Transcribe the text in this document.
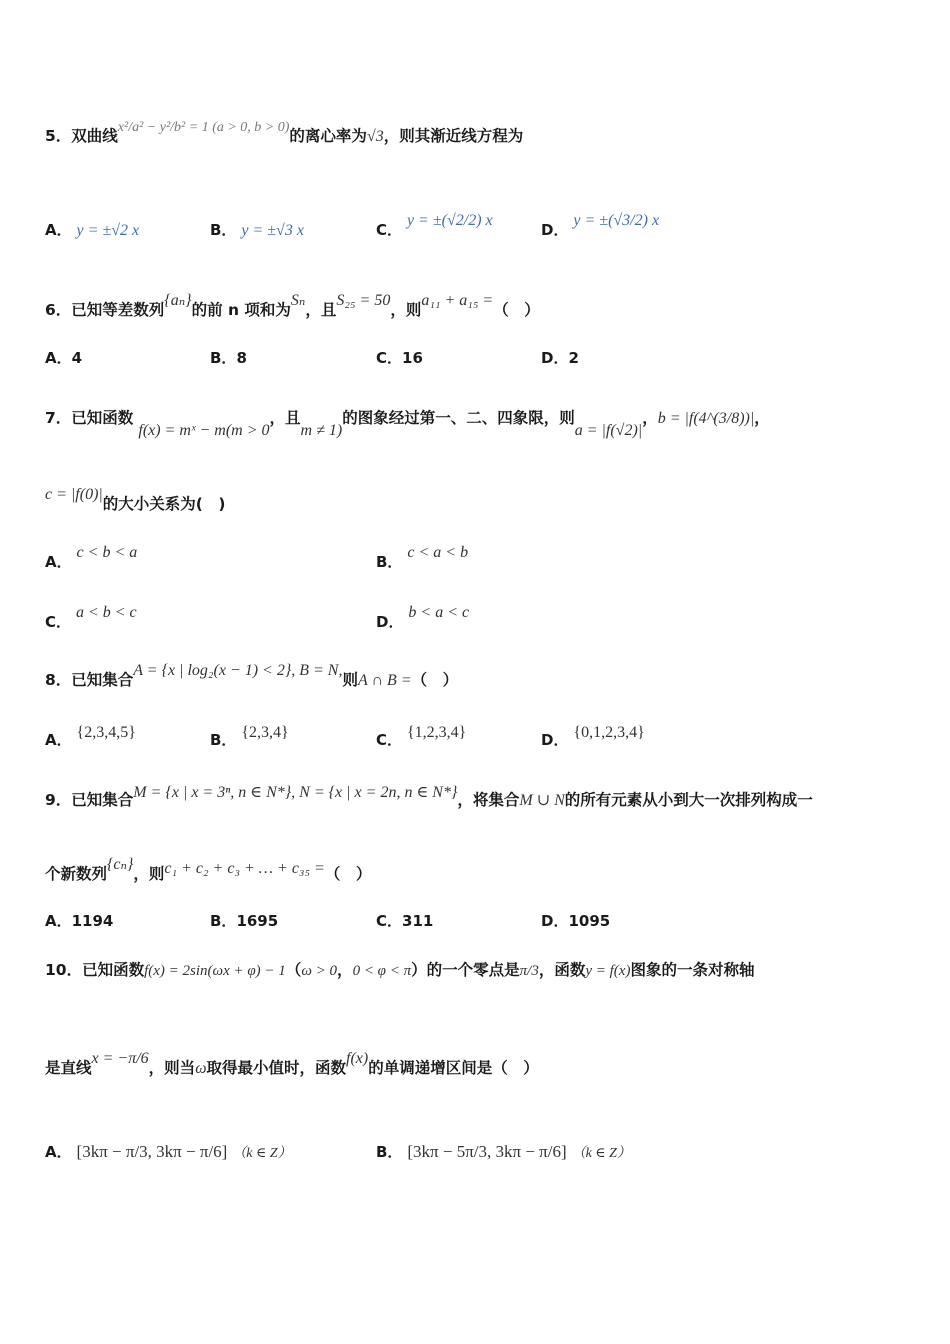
5．双曲线x²/a² − y²/b² = 1 (a > 0, b > 0)的离心率为√3，则其渐近线方程为
A． y = ±√2 x	B． y = ±√3 x	C． y = ±(√2/2) x
D． y = ±(√3/2) x
6．已知等差数列{aₙ}的前 n 项和为Sₙ，且S₂₅ = 50，则a₁₁ + a₁₅ =（　）
A．4	B．8	C．16	D．2
7．已知函数 f(x) = mˣ − m(m > 0，且m ≠ 1)的图象经过第一、二、四象限，则a = |f(√2)|，b = |f(4^(3/8))|，
c = |f(0)|的大小关系为(　)
A． c < b < a
B． c < a < b
C． a < b < c
D． b < a < c
8．已知集合A = {x | log₂(x − 1) < 2}, B = N,则A ∩ B =（　）
A． {2,3,4,5}	B． {2,3,4}	C． {1,2,3,4}	D． {0,1,2,3,4}
9．已知集合M = {x | x = 3ⁿ, n ∈ N*}, N = {x | x = 2n, n ∈ N*}，将集合M ∪ N的所有元素从小到大一次排列构成一
个新数列{cₙ}，则c₁ + c₂ + c₃ + … + c₃₅ =（　）
A．1194	B．1695	C．311	D．1095
10．已知函数f(x) = 2sin(ωx + φ) − 1（ω > 0，0 < φ < π）的一个零点是π/3，函数y = f(x)图象的一条对称轴
是直线x = −π/6，则当ω取得最小值时，函数f(x)的单调递增区间是（　）
A． [3kπ − π/3, 3kπ − π/6] （k ∈ Z）	B． [3kπ − 5π/3, 3kπ − π/6] （k ∈ Z）
